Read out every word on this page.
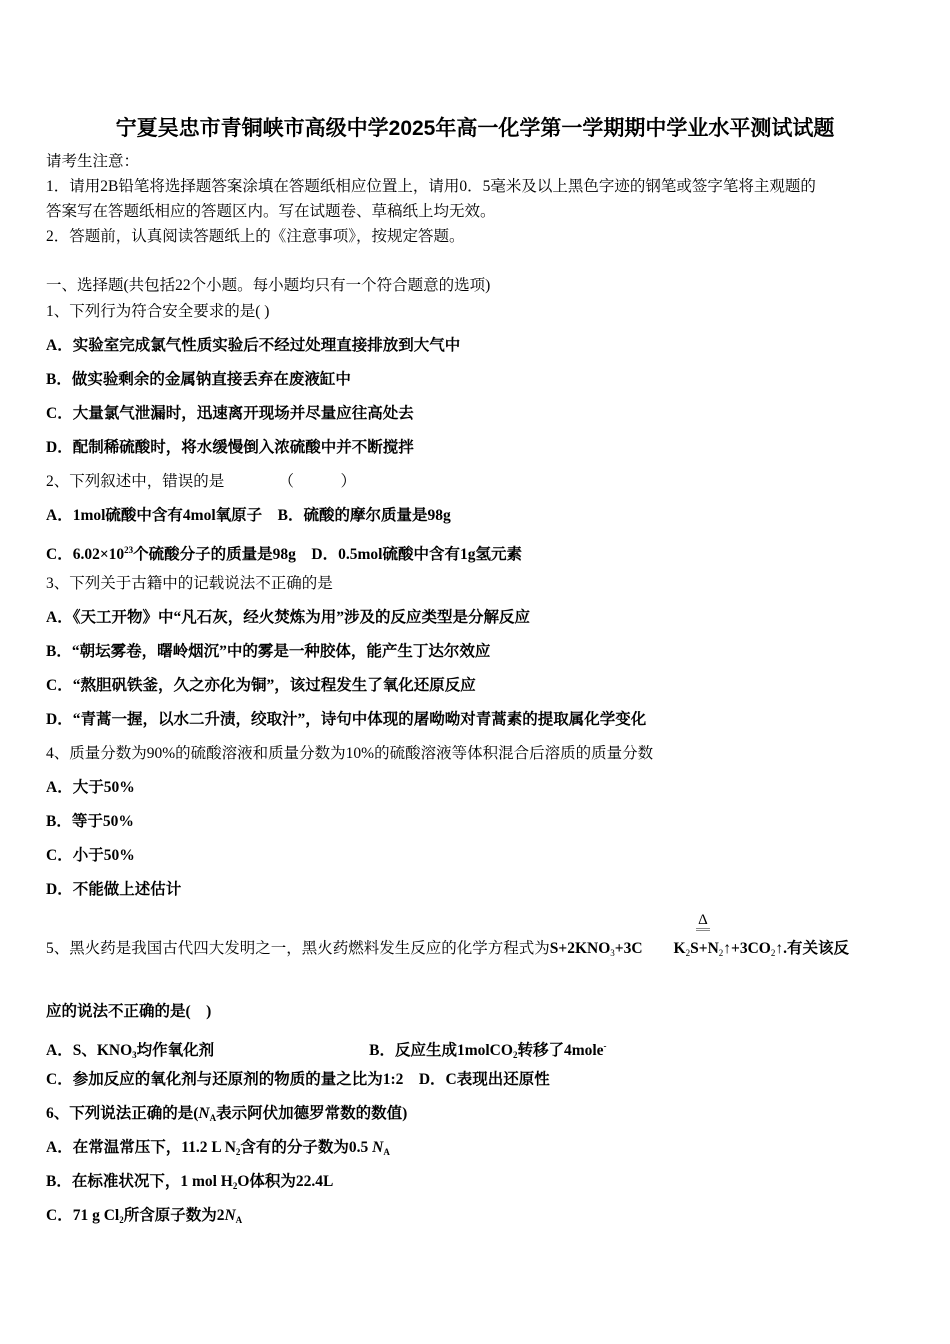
宁夏吴忠市青铜峡市高级中学2025年高一化学第一学期期中学业水平测试试题
Δ
请考生注意：
1．请用2B铅笔将选择题答案涂填在答题纸相应位置上，请用0．5毫米及以上黑色字迹的钢笔或签字笔将主观题的
答案写在答题纸相应的答题区内。写在试题卷、草稿纸上均无效。
2．答题前，认真阅读答题纸上的《注意事项》，按规定答题。
一、选择题(共包括22个小题。每小题均只有一个符合题意的选项)
1、下列行为符合安全要求的是( )
A．实验室完成氯气性质实验后不经过处理直接排放到大气中
B．做实验剩余的金属钠直接丢弃在废液缸中
C．大量氯气泄漏时，迅速离开现场并尽量应往高处去
D．配制稀硫酸时，将水缓慢倒入浓硫酸中并不断搅拌
2、下列叙述中，错误的是　　　　（　　　）
A．1mol硫酸中含有4mol氧原子　B．硫酸的摩尔质量是98g
C．$6.02\times 10^{23}$个硫酸分子的质量是98g　D．0.5mol硫酸中含有1g氢元素
3、下列关于古籍中的记载说法不正确的是
A．《天工开物》中“凡石灰，经火焚炼为用”涉及的反应类型是分解反应
B．“朝坛雾卷，曙岭烟沉”中的雾是一种胶体，能产生丁达尔效应
C．“熬胆矾铁釜，久之亦化为铜”，该过程发生了氧化还原反应
D．“青蒿一握，以水二升渍，绞取汁”，诗句中体现的屠呦呦对青蒿素的提取属化学变化
4、质量分数为90%的硫酸溶液和质量分数为10%的硫酸溶液等体积混合后溶质的质量分数
A．大于50%
B．等于50%
C．小于50%
D．不能做上述估计
5、黑火药是我国古代四大发明之一，黑火药燃料发生反应的化学方程式为$S+2KNO_3+3C$　　$K_2S+N_2↑+3CO_2↑$.有关该反
应的说法不正确的是(　)
A．S、$KNO_3$均作氧化剂　　　　　　　　　　B．反应生成1molCO$_2$转移了4mole-
C．参加反应的氧化剂与还原剂的物质的量之比为1:2　D．C表现出还原性
6、下列说法正确的是($N_A$表示阿伏加德罗常数的数值)
A．在常温常压下，11.2 L $N_2$含有的分子数为0.5 $N_A$
B．在标准状况下，1 mol $H_2O$体积为22.4L
C．71 g $Cl_2$所含原子数为$2N_A$
